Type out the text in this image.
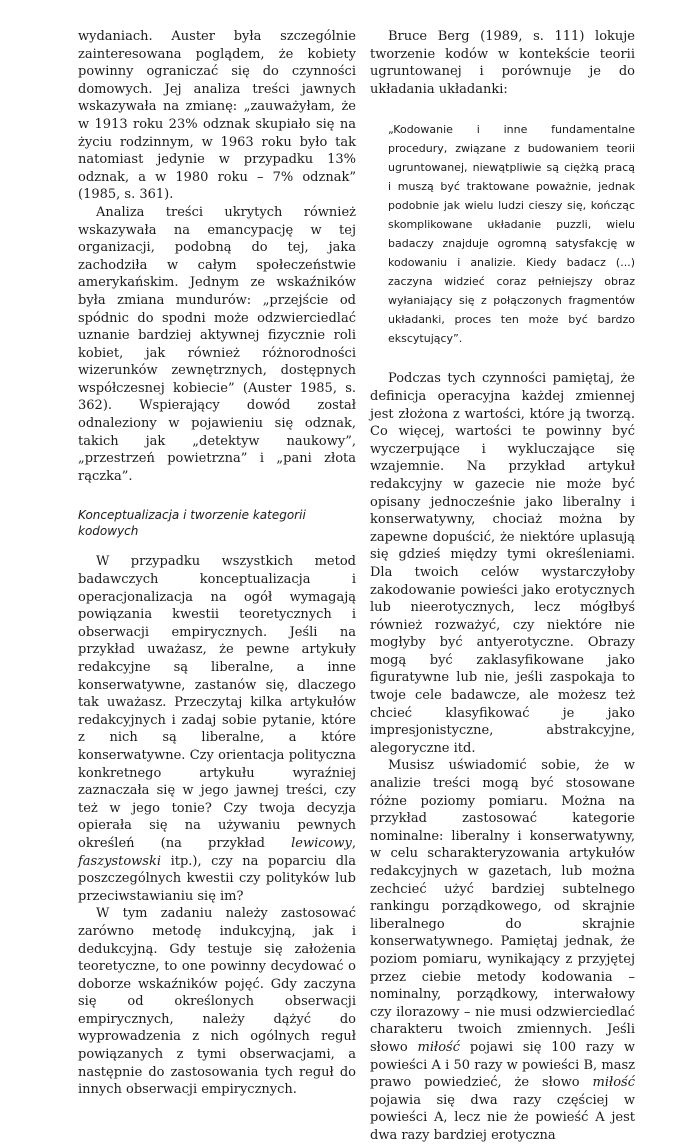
wydaniach. Auster była szczególnie zainteresowana poglądem, że kobiety powinny ograniczać się do czynności domowych. Jej analiza treści jawnych wskazywała na zmianę: „zauważyłam, że w 1913 roku 23% odznak skupiało się na życiu rodzinnym, w 1963 roku było tak natomiast jedynie w przypadku 13% odznak, a w 1980 roku – 7% odznak” (1985, s. 361).

Analiza treści ukrytych również wskazywała na emancypację w tej organizacji, podobną do tej, jaka zachodziła w całym społeczeństwie amerykańskim. Jednym ze wskaźników była zmiana mundurów: „przejście od spódnic do spodni może odzwierciedlać uznanie bardziej aktywnej fizycznie roli kobiet, jak również różnorodności wizerunków zewnętrznych, dostępnych współczesnej kobiecie” (Auster 1985, s. 362). Wspierający dowód został odnaleziony w pojawieniu się odznak, takich jak „detektyw naukowy”, „przestrzeń powietrzna” i „pani złota rączka”.

Konceptualizacja i tworzenie kategorii kodowych

W przypadku wszystkich metod badawczych konceptualizacja i operacjonalizacja na ogół wymagają powiązania kwestii teoretycznych i obserwacji empirycznych. Jeśli na przykład uważasz, że pewne artykuły redakcyjne są liberalne, a inne konserwatywne, zastanów się, dlaczego tak uważasz. Przeczytaj kilka artykułów redakcyjnych i zadaj sobie pytanie, które z nich są liberalne, a które konserwatywne. Czy orientacja polityczna konkretnego artykułu wyraźniej zaznaczała się w jego jawnej treści, czy też w jego tonie? Czy twoja decyzja opierała się na używaniu pewnych określeń (na przykład lewicowy, faszystowski itp.), czy na poparciu dla poszczególnych kwestii czy polityków lub przeciwstawianiu się im?

W tym zadaniu należy zastosować zarówno metodę indukcyjną, jak i dedukcyjną. Gdy testuje się założenia teoretyczne, to one powinny decydować o doborze wskaźników pojęć. Gdy zaczyna się od określonych obserwacji empirycznych, należy dążyć do wyprowadzenia z nich ogólnych reguł powiązanych z tymi obserwacjami, a następnie do zastosowania tych reguł do innych obserwacji empirycznych.

Bruce Berg (1989, s. 111) lokuje tworzenie kodów w kontekście teorii ugruntowanej i porównuje je do układania układanki:

„Kodowanie i inne fundamentalne procedury, związane z budowaniem teorii ugruntowanej, niewątpliwie są ciężką pracą i muszą być traktowane poważnie, jednak podobnie jak wielu ludzi cieszy się, kończąc skomplikowane układanie puzzli, wielu badaczy znajduje ogromną satysfakcję w kodowaniu i analizie. Kiedy badacz (...) zaczyna widzieć coraz pełniejszy obraz wyłaniający się z połączonych fragmentów układanki, proces ten może być bardzo ekscytujący”.

Podczas tych czynności pamiętaj, że definicja operacyjna każdej zmiennej jest złożona z wartości, które ją tworzą. Co więcej, wartości te powinny być wyczerpujące i wykluczające się wzajemnie. Na przykład artykuł redakcyjny w gazecie nie może być opisany jednocześnie jako liberalny i konserwatywny, chociaż można by zapewne dopuścić, że niektóre uplasują się gdzieś między tymi określeniami. Dla twoich celów wystarczyłoby zakodowanie powieści jako erotycznych lub nieerotycznych, lecz mógłbyś również rozważyć, czy niektóre nie mogłyby być antyerotyczne. Obrazy mogą być zaklasyfikowane jako figuratywne lub nie, jeśli zaspokaja to twoje cele badawcze, ale możesz też chcieć klasyfikować je jako impresjonistyczne, abstrakcyjne, alegoryczne itd.

Musisz uświadomić sobie, że w analizie treści mogą być stosowane różne poziomy pomiaru. Można na przykład zastosować kategorie nominalne: liberalny i konserwatywny, w celu scharakteryzowania artykułów redakcyjnych w gazetach, lub można zechcieć użyć bardziej subtelnego rankingu porządkowego, od skrajnie liberalnego do skrajnie konserwatywnego. Pamiętaj jednak, że poziom pomiaru, wynikający z przyjętej przez ciebie metody kodowania – nominalny, porządkowy, interwałowy czy ilorazowy – nie musi odzwierciedlać charakteru twoich zmiennych. Jeśli słowo miłość pojawi się 100 razy w powieści A i 50 razy w powieści B, masz prawo powiedzieć, że słowo miłość pojawia się dwa razy częściej w powieści A, lecz nie że powieść A jest dwa razy bardziej erotyczna
